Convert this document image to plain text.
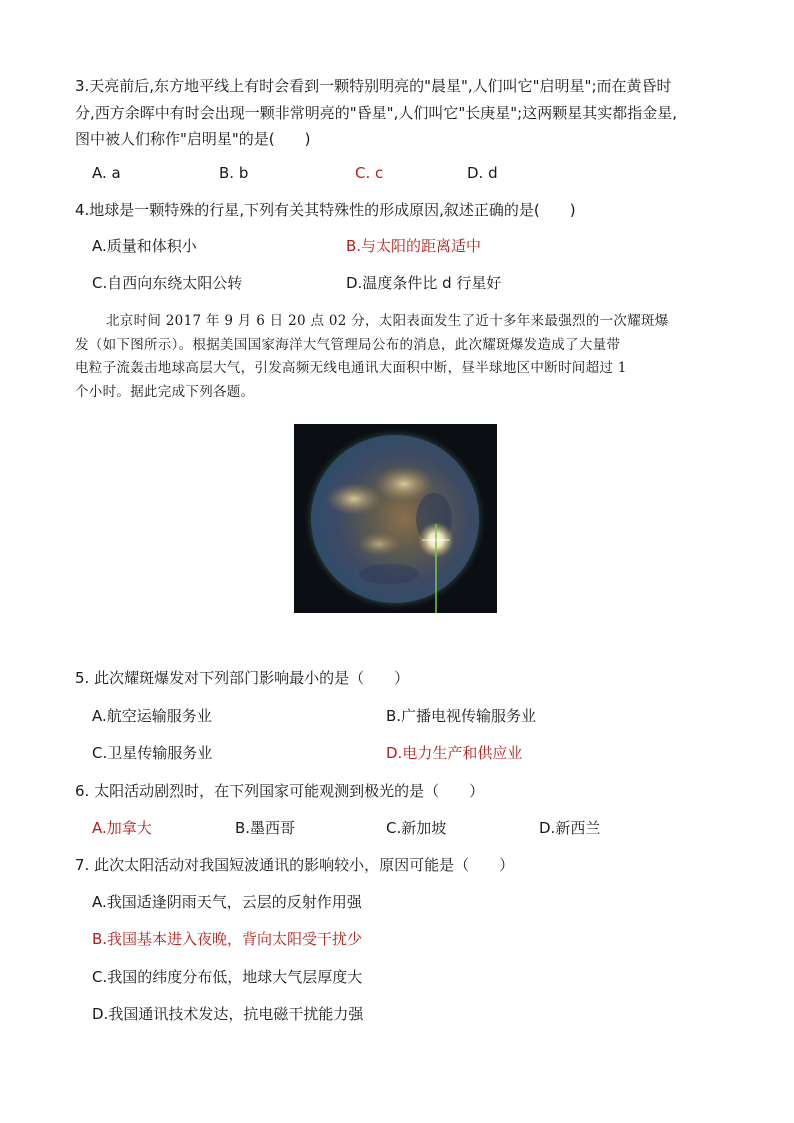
3.天亮前后,东方地平线上有时会看到一颗特别明亮的"晨星",人们叫它"启明星";而在黄昏时
分,西方余晖中有时会出现一颗非常明亮的"昏星",人们叫它"长庚星";这两颗星其实都指金星,
图中被人们称作"启明星"的是(　　)
A. a	B. b	C. c	D. d
4.地球是一颗特殊的行星,下列有关其特殊性的形成原因,叙述正确的是(　　)
A.质量和体积小	B.与太阳的距离适中
C.自西向东绕太阳公转	D.温度条件比 d 行星好
北京时间 2017 年 9 月 6 日 20 点 02 分，太阳表面发生了近十多年来最强烈的一次耀斑爆
发（如下图所示）。根据美国国家海洋大气管理局公布的消息，此次耀斑爆发造成了大量带
电粒子流轰击地球高层大气，引发高频无线电通讯大面积中断，昼半球地区中断时间超过 1
个小时。据此完成下列各题。
5. 此次耀斑爆发对下列部门影响最小的是（　　）
A.航空运输服务业	B.广播电视传输服务业
C.卫星传输服务业	D.电力生产和供应业
6. 太阳活动剧烈时，在下列国家可能观测到极光的是（　　）
A.加拿大	B.墨西哥	C.新加坡	D.新西兰
7. 此次太阳活动对我国短波通讯的影响较小，原因可能是（　　）
A.我国适逢阴雨天气，云层的反射作用强
B.我国基本进入夜晚，背向太阳受干扰少
C.我国的纬度分布低，地球大气层厚度大
D.我国通讯技术发达，抗电磁干扰能力强
